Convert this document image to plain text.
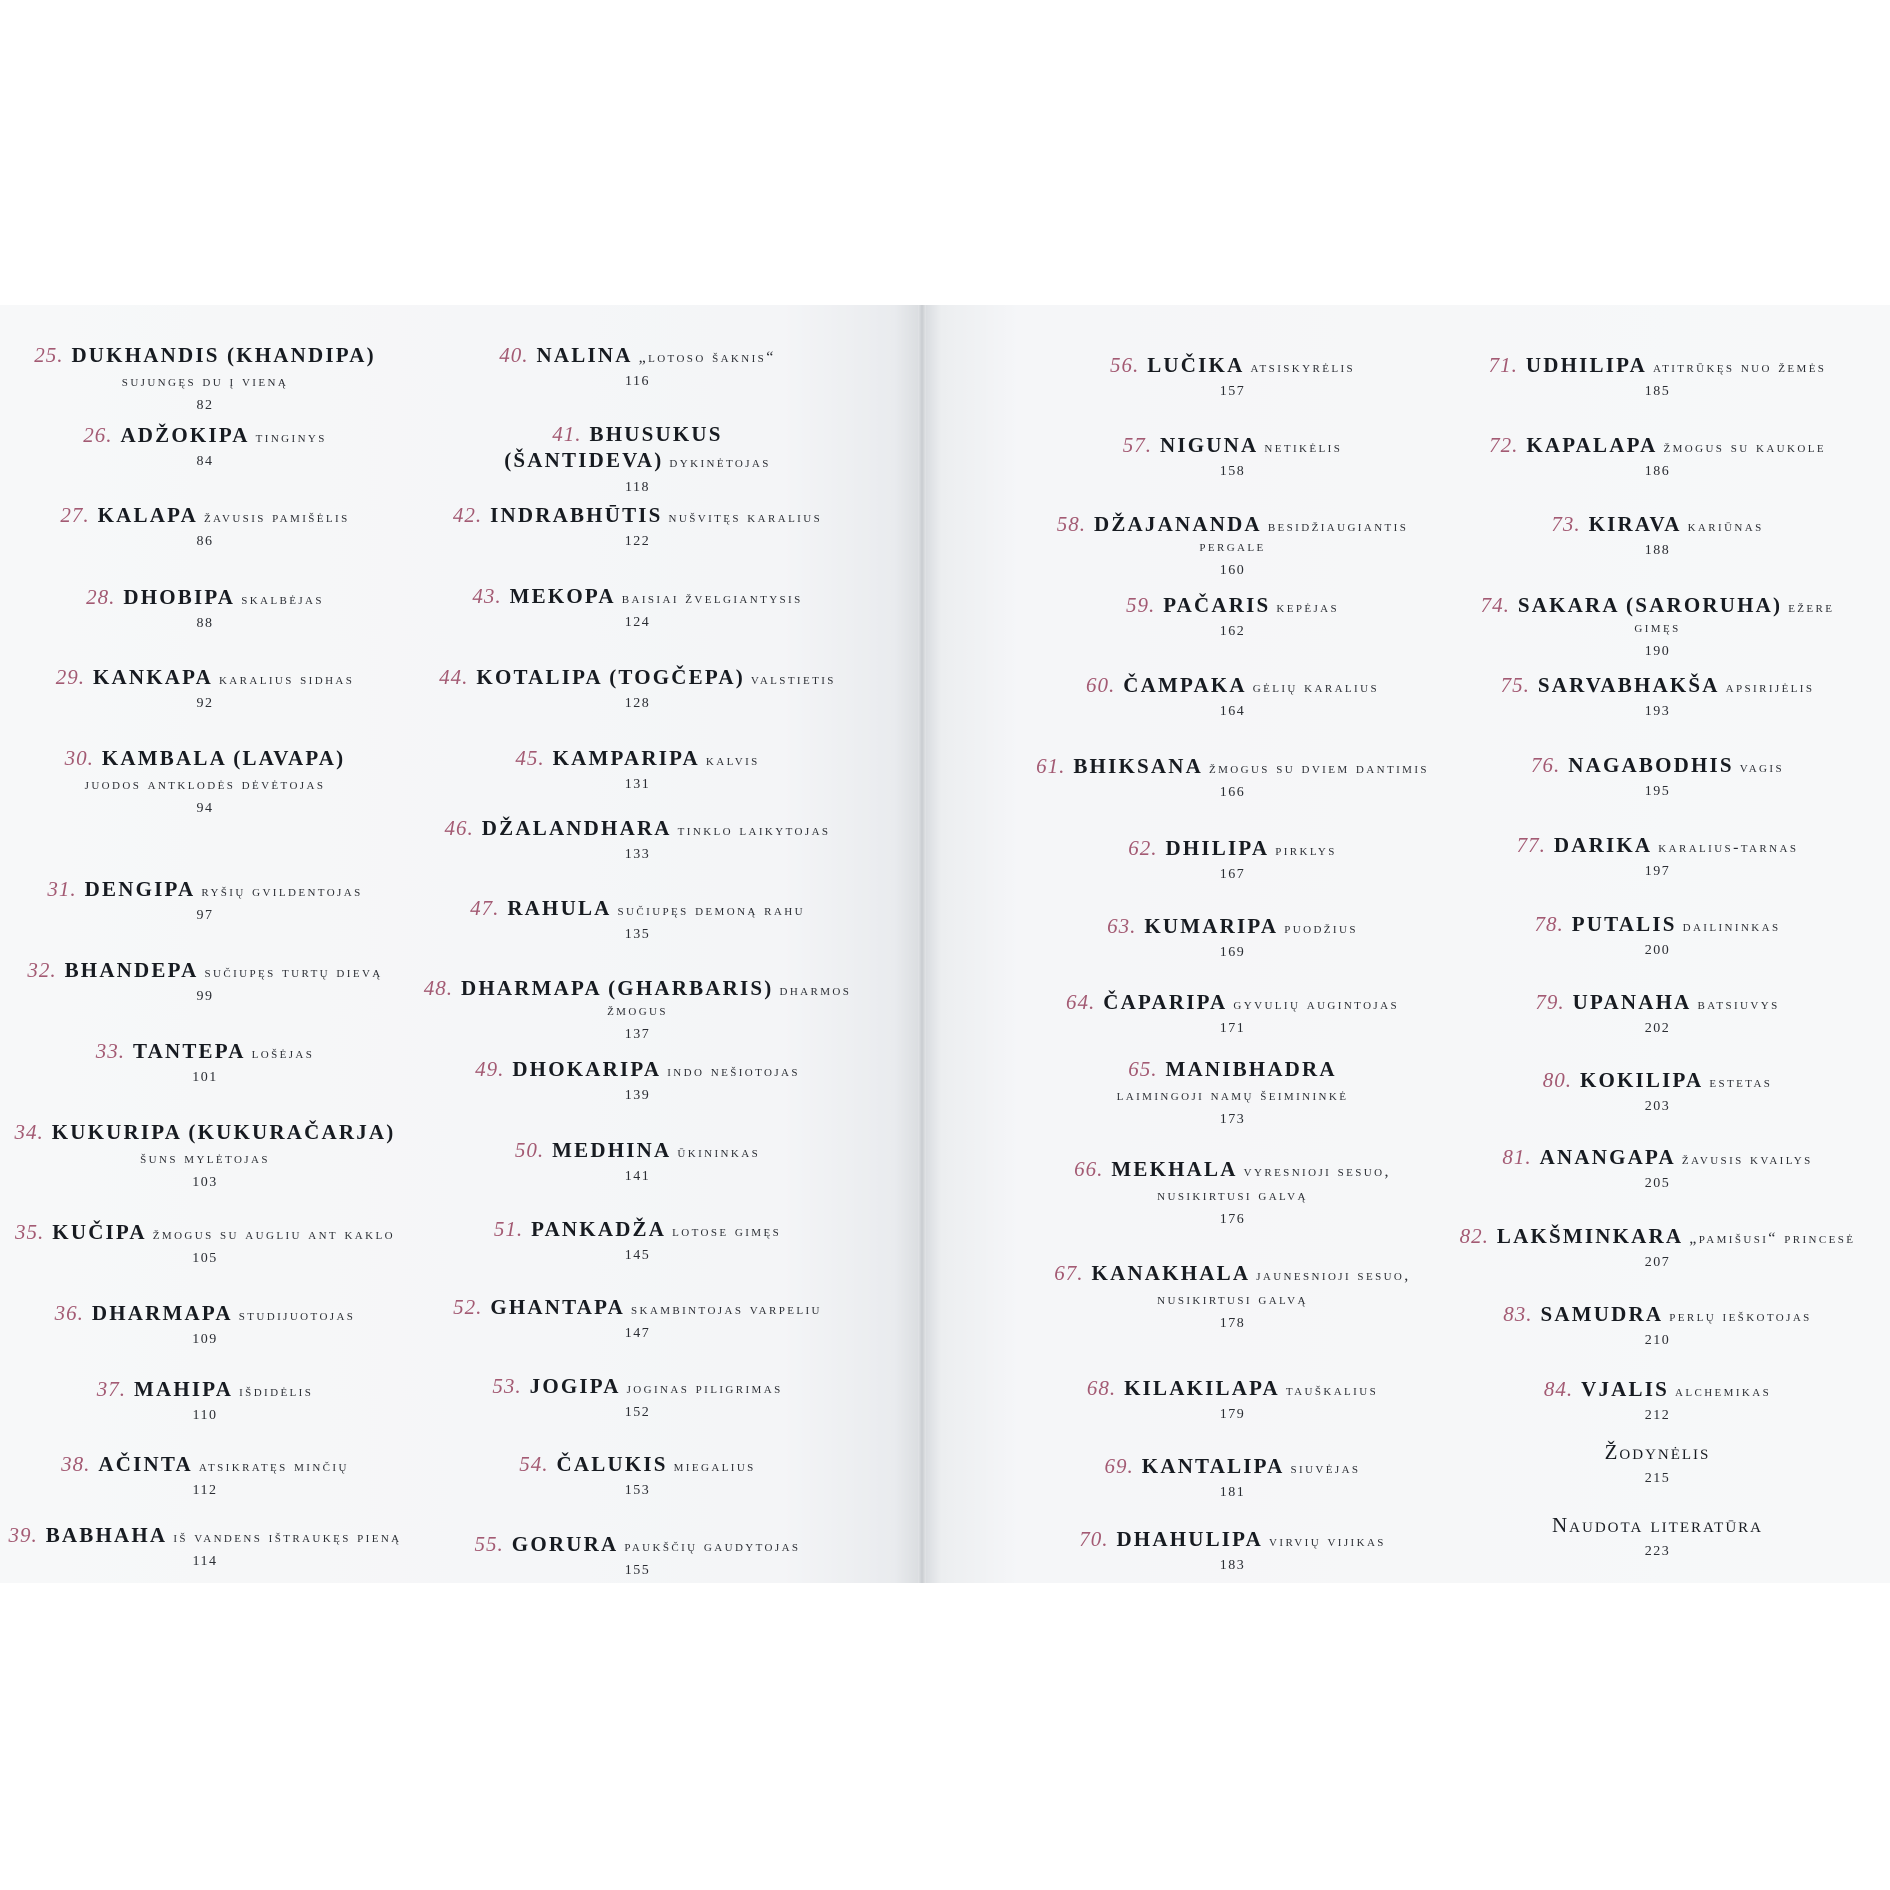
25. DUKHANDIS (KHANDIPA)
sujungęs du į vieną
82
26. ADŽOKIPA tinginys
84
27. KALAPA žavusis pamišėlis
86
28. DHOBIPA skalbėjas
88
29. KANKAPA karalius sidhas
92
30. KAMBALA (LAVAPA)
juodos antklodės dėvėtojas
94
31. DENGIPA ryšių gvildentojas
97
32. BHANDEPA sučiupęs turtų dievą
99
33. TANTEPA lošėjas
101
34. KUKURIPA (KUKURAČARJA)
šuns mylėtojas
103
35. KUČIPA žmogus su augliu ant kaklo
105
36. DHARMAPA studijuotojas
109
37. MAHIPA išdidėlis
110
38. AČINTA atsikratęs minčių
112
39. BABHAHA iš vandens ištraukęs pieną
114
40. NALINA „lotoso šaknis“
116
41. BHUSUKUS (ŠANTIDEVA) dykinėtojas
118
42. INDRABHŪTIS nušvitęs karalius
122
43. MEKOPA baisiai žvelgiantysis
124
44. KOTALIPA (TOGČEPA) valstietis
128
45. KAMPARIPA kalvis
131
46. DŽALANDHARA tinklo laikytojas
133
47. RAHULA sučiupęs demoną rahu
135
48. DHARMAPA (GHARBARIS) dharmos žmogus
137
49. DHOKARIPA indo nešiotojas
139
50. MEDHINA ūkininkas
141
51. PANKADŽA lotose gimęs
145
52. GHANTAPA skambintojas varpeliu
147
53. JOGIPA joginas piligrimas
152
54. ČALUKIS miegalius
153
55. GORURA paukščių gaudytojas
155
56. LUČIKA atsiskyrėlis
157
57. NIGUNA netikėlis
158
58. DŽAJANANDA besidžiaugiantis pergale
160
59. PAČARIS kepėjas
162
60. ČAMPAKA gėlių karalius
164
61. BHIKSANA žmogus su dviem dantimis
166
62. DHILIPA pirklys
167
63. KUMARIPA puodžius
169
64. ČAPARIPA gyvulių augintojas
171
65. MANIBHADRA
laimingoji namų šeimininkė
173
66. MEKHALA vyresnioji sesuo,
nusikirtusi galvą
176
67. KANAKHALA jaunesnioji sesuo,
nusikirtusi galvą
178
68. KILAKILAPA tauškalius
179
69. KANTALIPA siuvėjas
181
70. DHAHULIPA virvių vijikas
183
71. UDHILIPA atitrūkęs nuo žemės
185
72. KAPALAPA žmogus su kaukole
186
73. KIRAVA kariūnas
188
74. SAKARA (SARORUHA) ežere gimęs
190
75. SARVABHAKŠA apsirijėlis
193
76. NAGABODHIS vagis
195
77. DARIKA karalius-tarnas
197
78. PUTALIS dailininkas
200
79. UPANAHA batsiuvys
202
80. KOKILIPA estetas
203
81. ANANGAPA žavusis kvailys
205
82. LAKŠMINKARA „pamišusi“ princesė
207
83. SAMUDRA perlų ieškotojas
210
84. VJALIS alchemikas
212
Žodynėlis
215
Naudota literatūra
223
